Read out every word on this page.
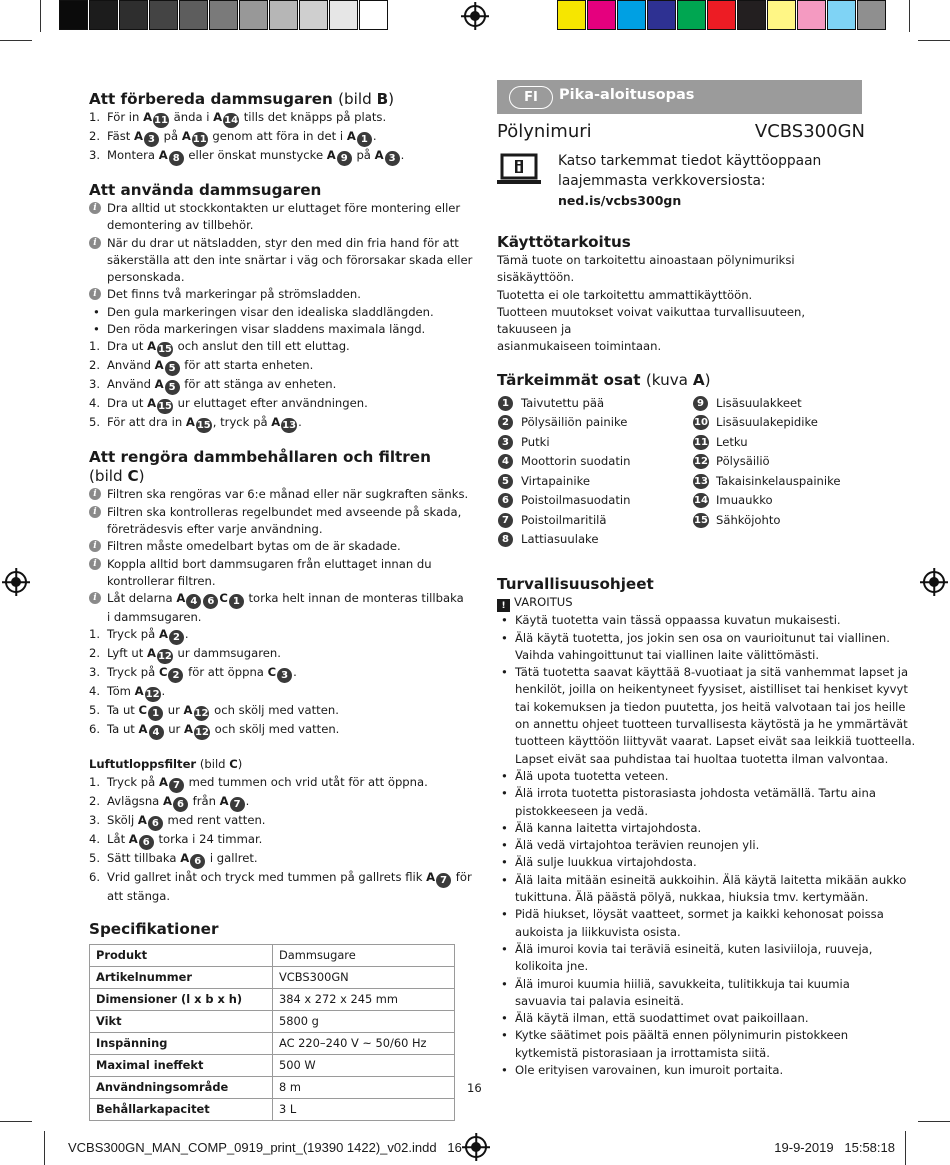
Att förbereda dammsugaren (bild B)
1. För in A 11 ända i A 14 tills det knäpps på plats.
2. Fäst A 3 på A 11 genom att föra in det i A 1 .
3. Montera A 8 eller önskat munstycke A 9 på A 3 .
Att använda dammsugaren
i Dra alltid ut stockkontakten ur eluttaget före montering eller
demontering av tillbehör.
i När du drar ut nätsladden, styr den med din fria hand för att
säkerställa att den inte snärtar i väg och förorsakar skada eller
personskada.
i Det finns två markeringar på strömsladden.
• Den gula markeringen visar den idealiska sladdlängden.
• Den röda markeringen visar sladdens maximala längd.
1. Dra ut A 15 och anslut den till ett eluttag.
2. Använd A 5 för att starta enheten.
3. Använd A 5 för att stänga av enheten.
4. Dra ut A 15 ur eluttaget efter användningen.
5. För att dra in A 15 , tryck på A 13 .
Att rengöra dammbehållaren och filtren (bild C)
i Filtren ska rengöras var 6:e månad eller när sugkraften sänks.
i Filtren ska kontrolleras regelbundet med avseende på skada,
företrädesvis efter varje användning.
i Filtren måste omedelbart bytas om de är skadade.
i Koppla alltid bort dammsugaren från eluttaget innan du
kontrollerar filtren.
i Låt delarna A 4 6 C 1 torka helt innan de monteras tillbaka
i dammsugaren.
1. Tryck på A 2 .
2. Lyft ut A 12 ur dammsugaren.
3. Tryck på C 2 för att öppna C 3 .
4. Töm A 12 .
5. Ta ut C 1 ur A 12 och skölj med vatten.
6. Ta ut A 4 ur A 12 och skölj med vatten.
Luftutloppsfilter (bild C)
1. Tryck på A 7 med tummen och vrid utåt för att öppna.
2. Avlägsna A 6 från A 7 .
3. Skölj A 6 med rent vatten.
4. Låt A 6 torka i 24 timmar.
5. Sätt tillbaka A 6 i gallret.
6. Vrid gallret inåt och tryck med tummen på gallrets flik A 7 för
att stänga.
Specifikationer
Produkt	Dammsugare
Artikelnummer	VCBS300GN
Dimensioner (l x b x h)	384 x 272 x 245 mm
Vikt	5800 g
Inspänning	AC 220–240 V ~ 50/60 Hz
Maximal ineffekt	500 W
Användningsområde	8 m
Behållarkapacitet	3 L
FI	Pika-aloitusopas
Pölynimuri	VCBS300GN
Katso tarkemmat tiedot käyttöoppaan
laajemmasta verkkoversiosta:
ned.is/vcbs300gn
Käyttötarkoitus
Tämä tuote on tarkoitettu ainoastaan pölynimuriksi sisäkäyttöön.
Tuotetta ei ole tarkoitettu ammattikäyttöön.
Tuotteen muutokset voivat vaikuttaa turvallisuuteen, takuuseen ja
asianmukaiseen toimintaan.
Tärkeimmät osat (kuva A)
1	Taivutettu pää	9	Lisäsuulakkeet
2	Pölysäiliön painike	10 Lisäsuulakepidike
3	Putki	11 Letku
4	Moottorin suodatin	12 Pölysäiliö
5	Virtapainike	13 Takaisinkelauspainike
6	Poistoilmasuodatin	14 Imuaukko
7	Poistoilmaritilä	15 Sähköjohto
8	Lattiasuulake
Turvallisuusohjeet
! VAROITUS
• Käytä tuotetta vain tässä oppaassa kuvatun mukaisesti.
• Älä käytä tuotetta, jos jokin sen osa on vaurioitunut tai viallinen.
Vaihda vahingoittunut tai viallinen laite välittömästi.
• Tätä tuotetta saavat käyttää 8-vuotiaat ja sitä vanhemmat lapset ja
henkilöt, joilla on heikentyneet fyysiset, aistilliset tai henkiset kyvyt
tai kokemuksen ja tiedon puutetta, jos heitä valvotaan tai jos heille
on annettu ohjeet tuotteen turvallisesta käytöstä ja he ymmärtävät
tuotteen käyttöön liittyvät vaarat. Lapset eivät saa leikkiä tuotteella.
Lapset eivät saa puhdistaa tai huoltaa tuotetta ilman valvontaa.
• Älä upota tuotetta veteen.
• Älä irrota tuotetta pistorasiasta johdosta vetämällä. Tartu aina
pistokkeeseen ja vedä.
• Älä kanna laitetta virtajohdosta.
• Älä vedä virtajohtoa terävien reunojen yli.
• Älä sulje luukkua virtajohdosta.
• Älä laita mitään esineitä aukkoihin. Älä käytä laitetta mikään aukko
tukittuna. Älä päästä pölyä, nukkaa, hiuksia tmv. kertymään.
• Pidä hiukset, löysät vaatteet, sormet ja kaikki kehonosat poissa
aukoista ja liikkuvista osista.
• Älä imuroi kovia tai teräviä esineitä, kuten lasiviiloja, ruuveja,
kolikoita jne.
• Älä imuroi kuumia hiiliä, savukkeita, tulitikkuja tai kuumia
savuavia tai palavia esineitä.
• Älä käytä ilman, että suodattimet ovat paikoillaan.
• Kytke säätimet pois päältä ennen pölynimurin pistokkeen
kytkemistä pistorasiaan ja irrottamista siitä.
• Ole erityisen varovainen, kun imuroit portaita.
16
VCBS300GN_MAN_COMP_0919_print_(19390 1422)_v02.indd   16	19-9-2019   15:58:18
